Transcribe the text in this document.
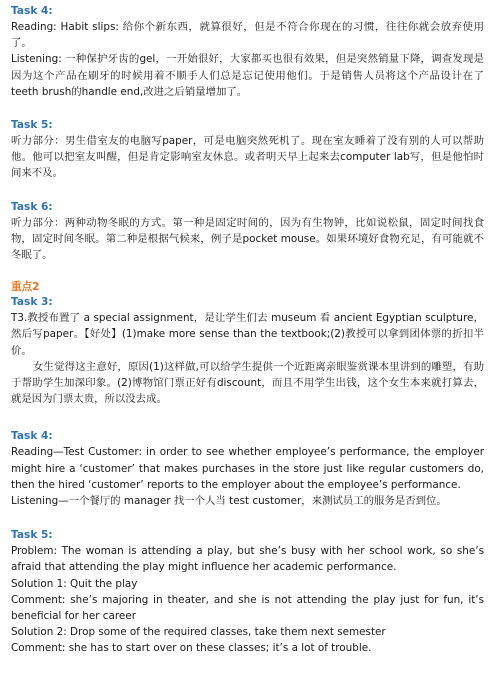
Task 4:

Reading: Habit slips: 给你个新东西，就算很好，但是不符合你现在的习惯，往往你就会放弃使用了。

Listening: 一种保护牙齿的gel，一开始很好，大家都买也很有效果，但是突然销量下降，调查发现是因为这个产品在刷牙的时候用着不顺手人们总是忘记使用他们。于是销售人员将这个产品设计在了teeth brush的handle end,改进之后销量增加了。

Task 5:

听力部分：男生借室友的电脑写paper，可是电脑突然死机了。现在室友睡着了没有别的人可以帮助他。他可以把室友叫醒，但是肯定影响室友休息。或者明天早上起来去computer lab写，但是他怕时间来不及。

Task 6:

听力部分：两种动物冬眠的方式。第一种是固定时间的，因为有生物钟，比如说松鼠，固定时间找食物，固定时间冬眠。第二种是根据气候来，例子是pocket mouse。如果环境好食物充足，有可能就不冬眠了。

重点2
Task 3:

T3.教授布置了 a special assignment，是让学生们去 museum 看 ancient Egyptian sculpture，然后写paper。【好处】(1)make more sense than the textbook;(2)教授可以拿到团体票的折扣半价。

女生觉得这主意好，原因(1)这样做,可以给学生提供一个近距离亲眼鉴赏课本里讲到的雕塑，有助于帮助学生加深印象。(2)博物馆门票正好有discount，而且不用学生出钱，这个女生本来就打算去，就是因为门票太贵，所以没去成。

Task 4:

Reading—Test Customer: in order to see whether employee’s performance, the employer might hire a ‘customer’ that makes purchases in the store just like regular customers do, then the hired ‘customer’ reports to the employer about the employee’s performance.

Listening—一个餐厅的 manager 找一个人当 test customer，来测试员工的服务是否到位。

Task 5:

Problem: The woman is attending a play, but she’s busy with her school work, so she’s afraid that attending the play might influence her academic performance.

Solution 1: Quit the play

Comment: she’s majoring in theater, and she is not attending the play just for fun, it’s beneficial for her career

Solution 2: Drop some of the required classes, take them next semester

Comment: she has to start over on these classes; it’s a lot of trouble.
